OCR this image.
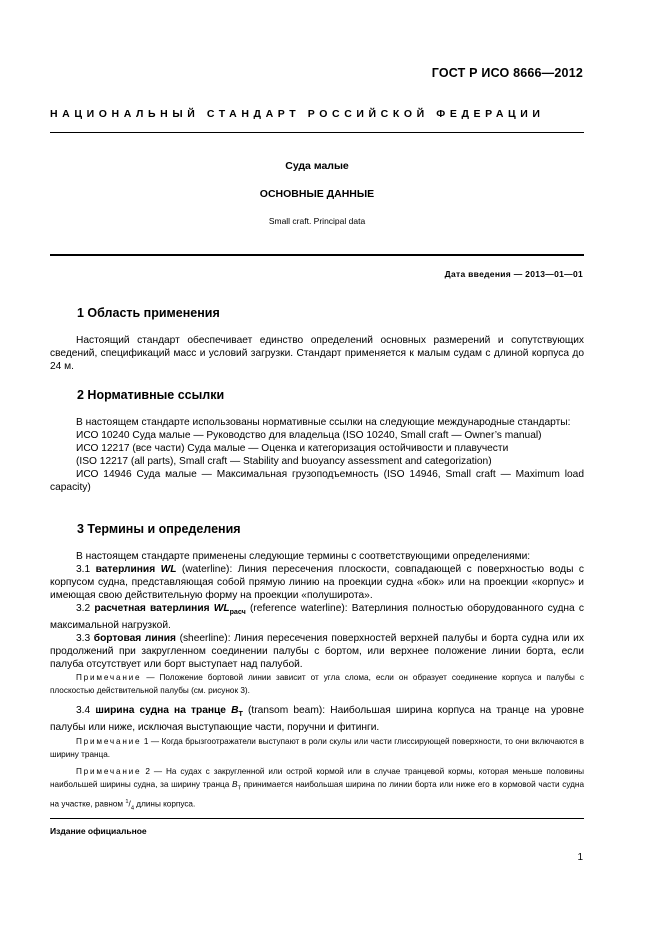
ГОСТ Р ИСО 8666—2012
НАЦИОНАЛЬНЫЙ СТАНДАРТ РОССИЙСКОЙ ФЕДЕРАЦИИ
Суда малые
ОСНОВНЫЕ ДАННЫЕ
Small craft. Principal data
Дата введения — 2013—01—01
1 Область применения
Настоящий стандарт обеспечивает единство определений основных размерений и сопутствующих сведений, спецификаций масс и условий загрузки. Стандарт применяется к малым судам с длиной корпуса до 24 м.
2 Нормативные ссылки
В настоящем стандарте использованы нормативные ссылки на следующие международные стандарты:
ИСО 10240 Суда малые — Руководство для владельца (ISO 10240, Small craft — Owner’s manual)
ИСО 12217 (все части) Суда малые — Оценка и категоризация остойчивости и плавучести
(ISO 12217 (all parts), Small craft — Stability and buoyancy assessment and categorization)
ИСО 14946 Суда малые — Максимальная грузоподъемность (ISO 14946, Small craft — Maximum load capacity)
3 Термины и определения
В настоящем стандарте применены следующие термины с соответствующими определениями:
3.1 ватерлиния WL (waterline): Линия пересечения плоскости, совпадающей с поверхностью воды с корпусом судна, представляющая собой прямую линию на проекции судна «бок» или на проекции «корпус» и имеющая свою действительную форму на проекции «полуширота».
3.2 расчетная ватерлиния $WL_{расч}$ (reference waterline): Ватерлиния полностью оборудованного судна с максимальной нагрузкой.
3.3 бортовая линия (sheerline): Линия пересечения поверхностей верхней палубы и борта судна или их продолжений при закругленном соединении палубы с бортом, или верхнее положение линии борта, если палуба отсутствует или борт выступает над палубой.
Примечание — Положение бортовой линии зависит от угла слома, если он образует соединение корпуса и палубы с плоскостью действительной палубы (см. рисунок 3).
3.4 ширина судна на транце $B_T$ (transom beam): Наибольшая ширина корпуса на транце на уровне палубы или ниже, исключая выступающие части, поручни и фитинги.
Примечание 1 — Когда брызгоотражатели выступают в роли скулы или части глиссирующей поверхности, то они включаются в ширину транца.
Примечание 2 — На судах с закругленной или острой кормой или в случае транцевой кормы, которая меньше половины наибольшей ширины судна, за ширину транца $B_T$ принимается наибольшая ширина по линии борта или ниже его в кормовой части судна на участке, равном $^1/_4$ длины корпуса.
Издание официальное
1
